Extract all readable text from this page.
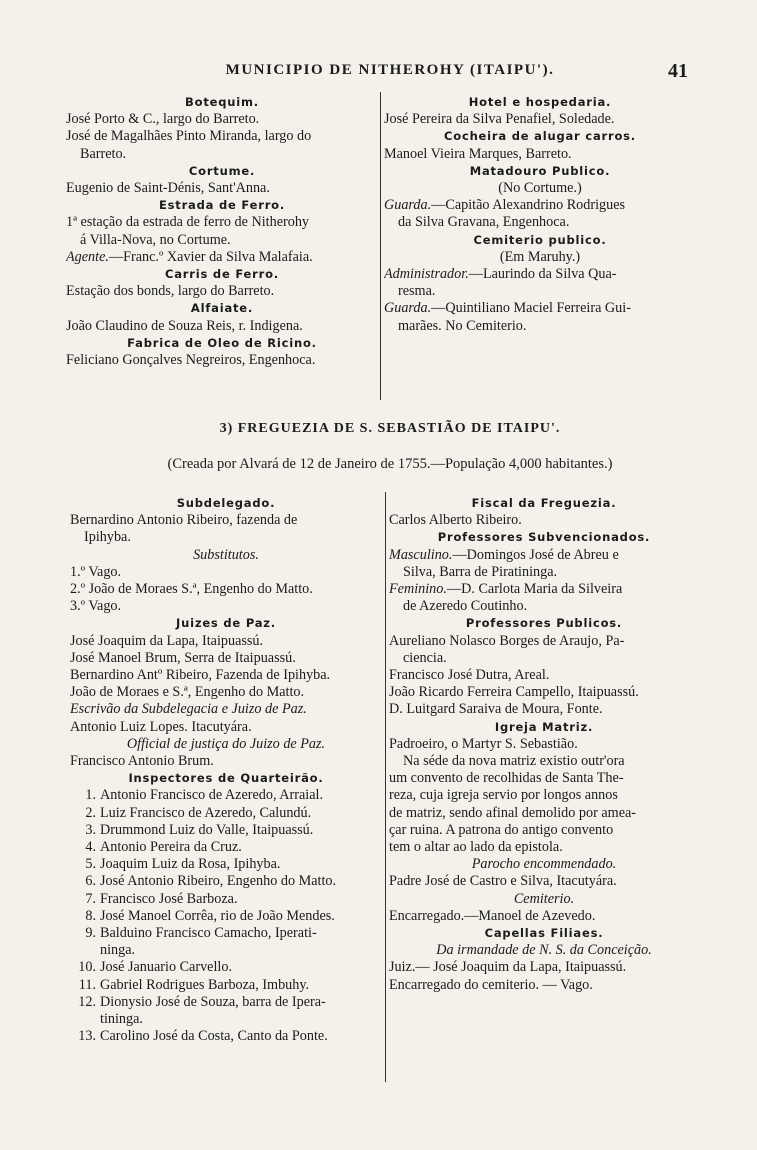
MUNICIPIO DE NITHEROHY (ITAIPU').	41
Botequim.
José Porto & C., largo do Barreto.
José de Magalhães Pinto Miranda, largo do
Barreto.
Cortume.
Eugenio de Saint-Dénis, Sant'Anna.
Estrada de Ferro.
1ª estação da estrada de ferro de Nitherohy
á Villa-Nova, no Cortume.
Agente.—Franc.º Xavier da Silva Malafaia.
Carris de Ferro.
Estação dos bonds, largo do Barreto.
Alfaiate.
João Claudino de Souza Reis, r. Indigena.
Fabrica de Oleo de Ricino.
Feliciano Gonçalves Negreiros, Engenhoca.
Hotel e hospedaria.
José Pereira da Silva Penafiel, Soledade.
Cocheira de alugar carros.
Manoel Vieira Marques, Barreto.
Matadouro Publico.
(No Cortume.)
Guarda.—Capitão Alexandrino Rodrigues
da Silva Gravana, Engenhoca.
Cemiterio publico.
(Em Maruhy.)
Administrador.—Laurindo da Silva Qua-
resma.
Guarda.—Quintiliano Maciel Ferreira Gui-
marães. No Cemiterio.
3) FREGUEZIA DE S. SEBASTIÃO DE ITAIPU'.
(Creada por Alvará de 12 de Janeiro de 1755.—População 4,000 habitantes.)
Subdelegado.
Bernardino Antonio Ribeiro, fazenda de
Ipihyba.
Substitutos.
1.º Vago.
2.º João de Moraes S.ª, Engenho do Matto.
3.º Vago.
Juizes de Paz.
José Joaquim da Lapa, Itaipuassú.
José Manoel Brum, Serra de Itaipuassú.
Bernardino Antº Ribeiro, Fazenda de Ipihyba.
João de Moraes e S.ª, Engenho do Matto.
Escrivão da Subdelegacia e Juizo de Paz.
Antonio Luiz Lopes. Itacutyára.
Official de justiça do Juizo de Paz.
Francisco Antonio Brum.
Inspectores de Quarteirão.
1. Antonio Francisco de Azeredo, Arraial.
2. Luiz Francisco de Azeredo, Calundú.
3. Drummond Luiz do Valle, Itaipuassú.
4. Antonio Pereira da Cruz.
5. Joaquim Luiz da Rosa, Ipihyba.
6. José Antonio Ribeiro, Engenho do Matto.
7. Francisco José Barboza.
8. José Manoel Corrêa, rio de João Mendes.
9. Balduino Francisco Camacho, Iperati-
ninga.
10. José Januario Carvello.
11. Gabriel Rodrigues Barboza, Imbuhy.
12. Dionysio José de Souza, barra de Iperа-
tininga.
13. Carolino José da Costa, Canto da Ponte.
Fiscal da Freguezia.
Carlos Alberto Ribeiro.
Professores Subvencionados.
Masculino.—Domingos José de Abreu e
Silva, Barra de Piratininga.
Feminino.—D. Carlota Maria da Silveira
de Azeredo Coutinho.
Professores Publicos.
Aureliano Nolasco Borges de Araujo, Pa-
ciencia.
Francisco José Dutra, Areal.
João Ricardo Ferreira Campello, Itaipuassú.
D. Luitgard Saraiva de Moura, Fonte.
Igreja Matriz.
Padroeiro, o Martyr S. Sebastião.
Na séde da nova matriz existio outr'ora
um convento de recolhidas de Santa The-
reza, cuja igreja servio por longos annos
de matriz, sendo afinal demolido por amea-
çar ruina. A patrona do antigo convento
tem o altar ao lado da epistola.
Parocho encommendado.
Padre José de Castro e Silva, Itacutyára.
Cemiterio.
Encarregado.—Manoel de Azevedo.
Capellas Filiaes.
Da irmandade de N. S. da Conceição.
Juiz.— José Joaquim da Lapa, Itaipuassú.
Encarregado do cemiterio. — Vago.
